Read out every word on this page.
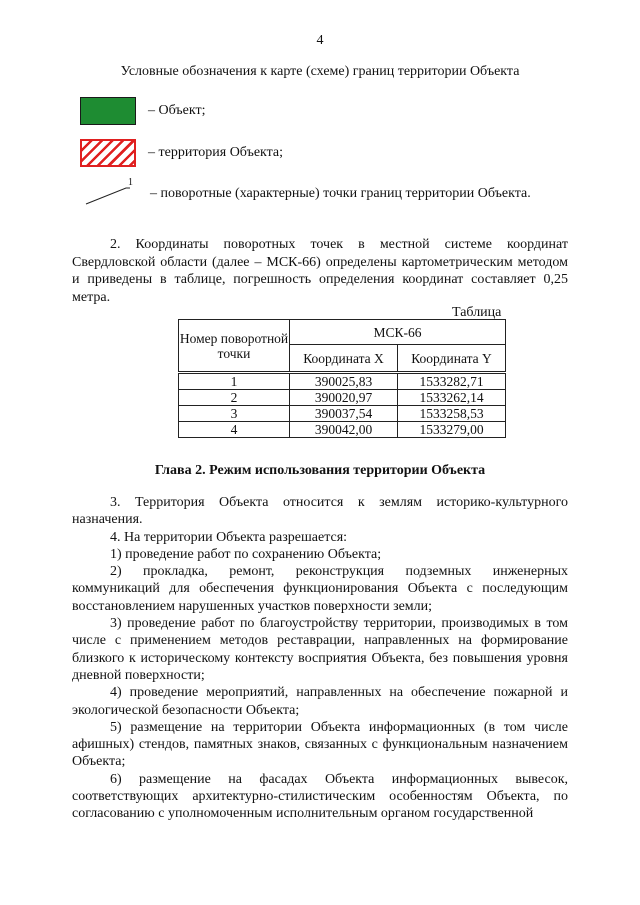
4
Условные обозначения к карте (схеме) границ территории Объекта
– Объект;
– территория Объекта;
1
– поворотные (характерные) точки границ территории Объекта.
2. Координаты поворотных точек в местной системе координат Свердловской области (далее – МСК-66) определены картометрическим методом и приведены в таблице, погрешность определения координат составляет 0,25 метра.
Таблица
Номер поворотной точки	МСК-66	
	Координата X	Координата Y
1	390025,83	1533282,71
2	390020,97	1533262,14
3	390037,54	1533258,53
4	390042,00	1533279,00
Глава 2. Режим использования территории Объекта
3. Территория Объекта относится к землям историко-культурного назначения.
4. На территории Объекта разрешается:
1) проведение работ по сохранению Объекта;
2) прокладка, ремонт, реконструкция подземных инженерных коммуникаций для обеспечения функционирования Объекта с последующим восстановлением нарушенных участков поверхности земли;
3) проведение работ по благоустройству территории, производимых в том числе с применением методов реставрации, направленных на формирование близкого к историческому контексту восприятия Объекта, без повышения уровня дневной поверхности;
4) проведение мероприятий, направленных на обеспечение пожарной и экологической безопасности Объекта;
5) размещение на территории Объекта информационных (в том числе афишных) стендов, памятных знаков, связанных с функциональным назначением Объекта;
6) размещение на фасадах Объекта информационных вывесок, соответствующих архитектурно-стилистическим особенностям Объекта, по согласованию с уполномоченным исполнительным органом государственной
